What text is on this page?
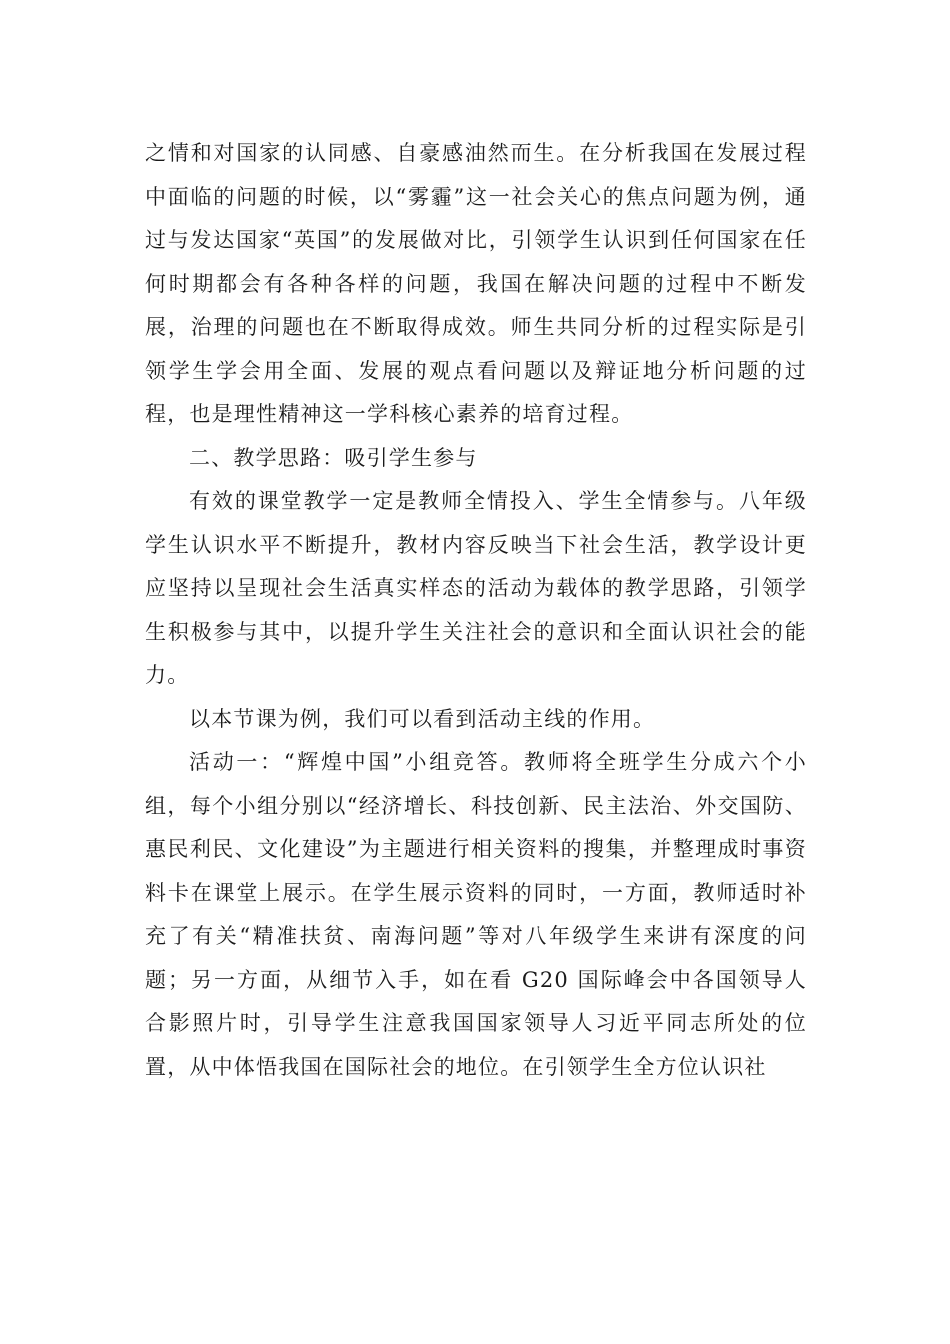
之情和对国家的认同感、自豪感油然而生。在分析我国在发展过程中面临的问题的时候，以“雾霾”这一社会关心的焦点问题为例，通过与发达国家“英国”的发展做对比，引领学生认识到任何国家在任何时期都会有各种各样的问题，我国在解决问题的过程中不断发展，治理的问题也在不断取得成效。师生共同分析的过程实际是引领学生学会用全面、发展的观点看问题以及辩证地分析问题的过程，也是理性精神这一学科核心素养的培育过程。

二、教学思路：吸引学生参与

有效的课堂教学一定是教师全情投入、学生全情参与。八年级学生认识水平不断提升，教材内容反映当下社会生活，教学设计更应坚持以呈现社会生活真实样态的活动为载体的教学思路，引领学生积极参与其中，以提升学生关注社会的意识和全面认识社会的能力。

以本节课为例，我们可以看到活动主线的作用。

活动一：“辉煌中国”小组竞答。教师将全班学生分成六个小组，每个小组分别以“经济增长、科技创新、民主法治、外交国防、惠民利民、文化建设”为主题进行相关资料的搜集，并整理成时事资料卡在课堂上展示。在学生展示资料的同时，一方面，教师适时补充了有关“精准扶贫、南海问题”等对八年级学生来讲有深度的问题；另一方面，从细节入手，如在看 G20 国际峰会中各国领导人合影照片时，引导学生注意我国国家领导人习近平同志所处的位置，从中体悟我国在国际社会的地位。在引领学生全方位认识社
